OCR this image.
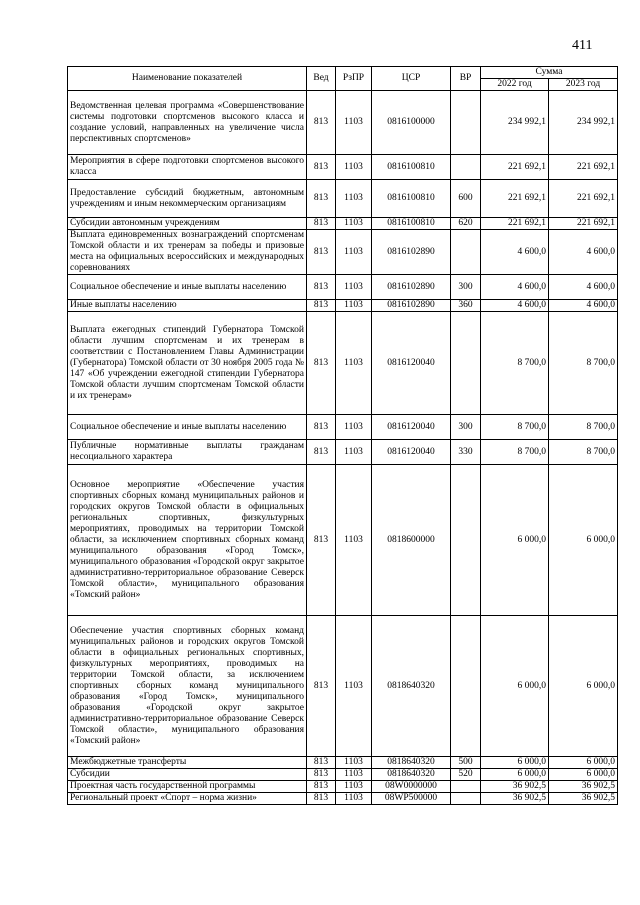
411
Наименование показателей	Вед	РзПР	ЦСР	ВР	Сумма	
					2022 год	2023 год
Ведомственная целевая программа «Совершенствование системы подготовки спортсменов высокого класса и создание условий, направленных на увеличение числа перспективных спортсменов»	813	1103	0816100000		234 992,1	234 992,1
Мероприятия в сфере подготовки спортсменов высокого класса	813	1103	0816100810		221 692,1	221 692,1
Предоставление субсидий бюджетным, автономным учреждениям и иным некоммерческим организациям	813	1103	0816100810	600	221 692,1	221 692,1
Субсидии автономным учреждениям	813	1103	0816100810	620	221 692,1	221 692,1
Выплата единовременных вознаграждений спортсменам Томской области и их тренерам за победы и призовые места на официальных всероссийских и международных соревнованиях	813	1103	0816102890		4 600,0	4 600,0
Социальное обеспечение и иные выплаты населению	813	1103	0816102890	300	4 600,0	4 600,0
Иные выплаты населению	813	1103	0816102890	360	4 600,0	4 600,0
Выплата ежегодных стипендий Губернатора Томской области лучшим спортсменам и их тренерам в соответствии с Постановлением Главы Администрации (Губернатора) Томской области от 30 ноября 2005 года № 147 «Об учреждении ежегодной стипендии Губернатора Томской области лучшим спортсменам Томской области и их тренерам»	813	1103	0816120040		8 700,0	8 700,0
Социальное обеспечение и иные выплаты населению	813	1103	0816120040	300	8 700,0	8 700,0
Публичные нормативные выплаты гражданам несоциального характера	813	1103	0816120040	330	8 700,0	8 700,0
Основное мероприятие «Обеспечение участия спортивных сборных команд муниципальных районов и городских округов Томской области в официальных региональных спортивных, физкультурных мероприятиях, проводимых на территории Томской области, за исключением спортивных сборных команд муниципального образования «Город Томск», муниципального образования «Городской округ закрытое административно-территориальное образование Северск Томской области», муниципального образования «Томский район»	813	1103	0818600000		6 000,0	6 000,0
Обеспечение участия спортивных сборных команд муниципальных районов и городских округов Томской области в официальных региональных спортивных, физкультурных мероприятиях, проводимых на территории Томской области, за исключением спортивных сборных команд муниципального образования «Город Томск», муниципального образования «Городской округ закрытое административно-территориальное образование Северск Томской области», муниципального образования «Томский район»	813	1103	0818640320		6 000,0	6 000,0
Межбюджетные трансферты	813	1103	0818640320	500	6 000,0	6 000,0
Субсидии	813	1103	0818640320	520	6 000,0	6 000,0
Проектная часть государственной программы	813	1103	08W0000000		36 902,5	36 902,5
Региональный проект «Спорт – норма жизни»	813	1103	08WP500000		36 902,5	36 902,5
